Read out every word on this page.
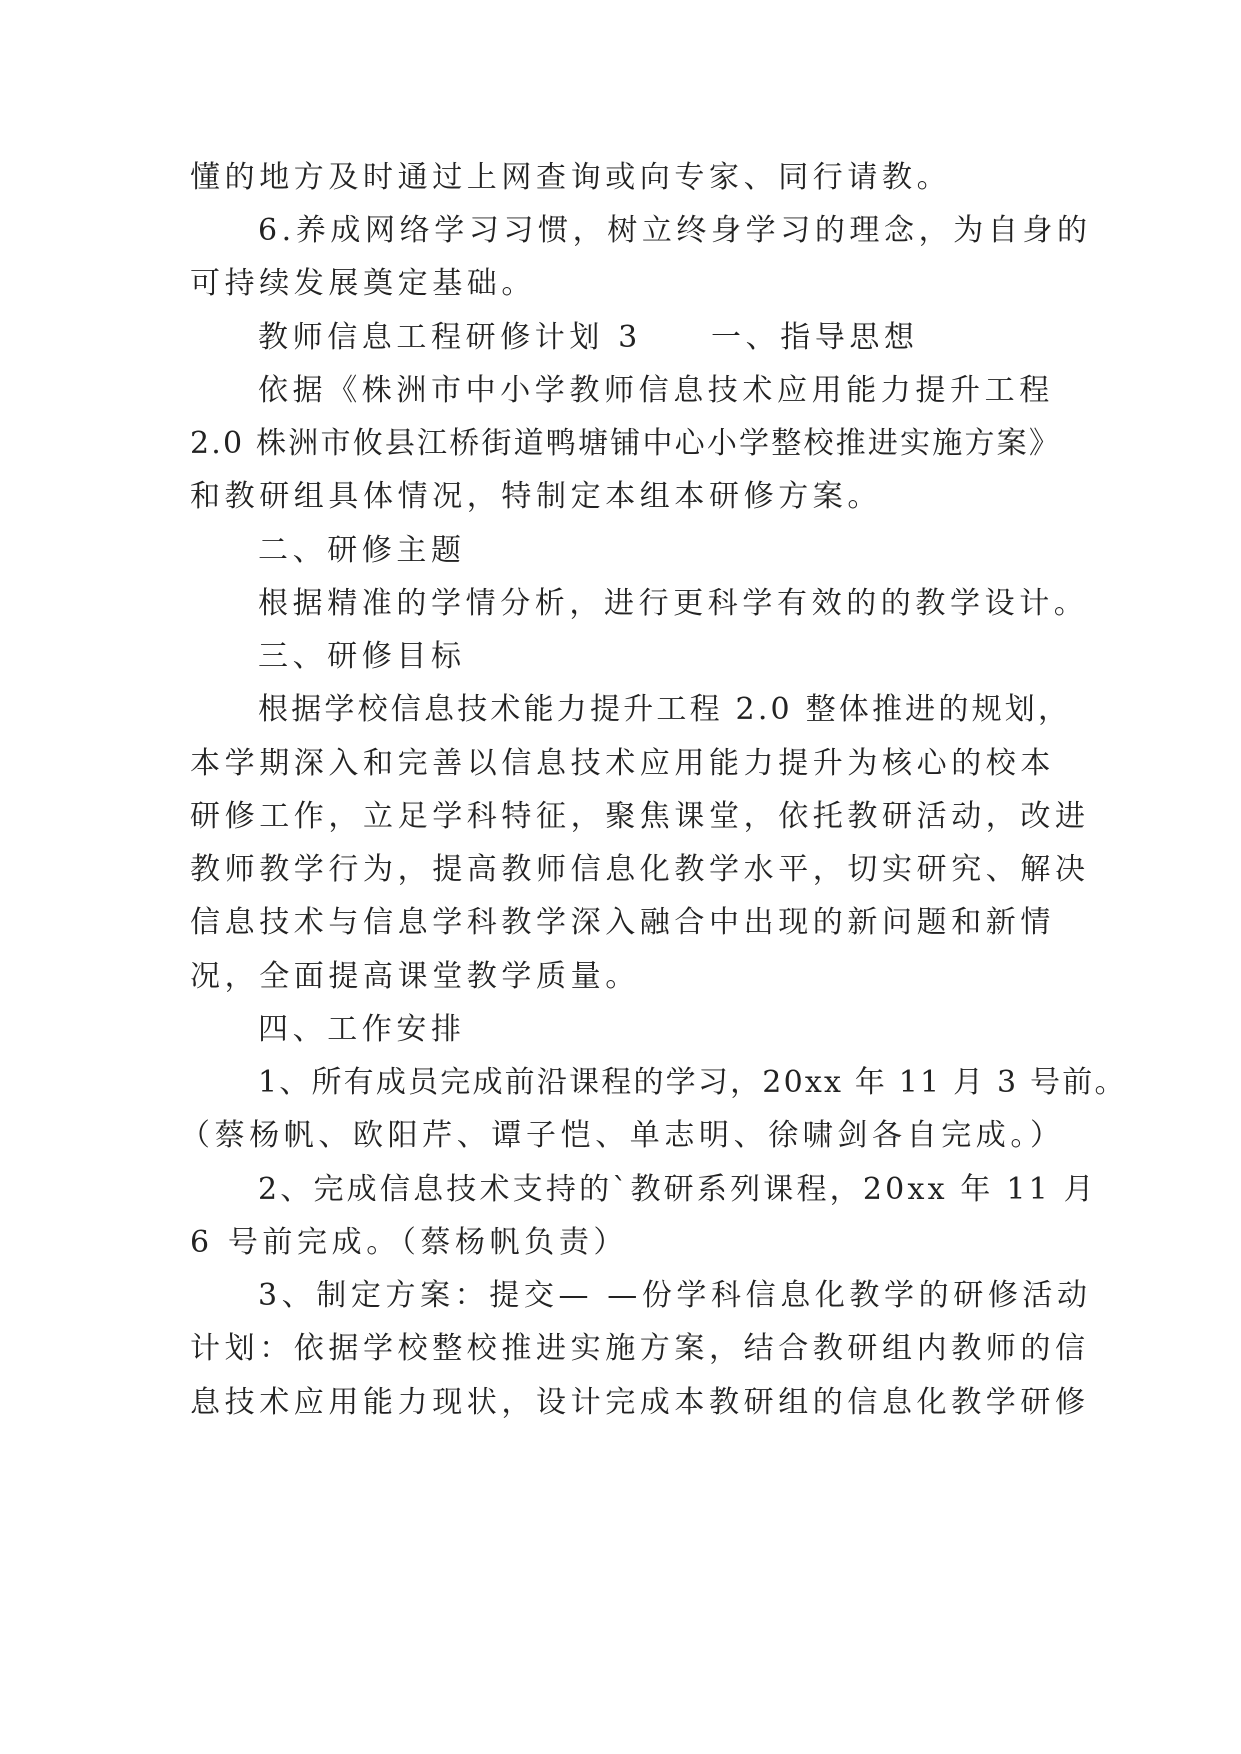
懂的地方及时通过上网查询或向专家、同行请教。
6.养成网络学习习惯，树立终身学习的理念，为自身的
可持续发展奠定基础。
教师信息工程研修计划 3　　一、指导思想
依据《株洲市中小学教师信息技术应用能力提升工程
2.0 株洲市攸县江桥街道鸭塘铺中心小学整校推进实施方案》
和教研组具体情况，特制定本组本研修方案。
二、研修主题
根据精准的学情分析，进行更科学有效的的教学设计。
三、研修目标
根据学校信息技术能力提升工程 2.0 整体推进的规划，
本学期深入和完善以信息技术应用能力提升为核心的校本
研修工作，立足学科特征，聚焦课堂，依托教研活动，改进
教师教学行为，提高教师信息化教学水平，切实研究、解决
信息技术与信息学科教学深入融合中出现的新问题和新情
况，全面提高课堂教学质量。
四、工作安排
1、所有成员完成前沿课程的学习，20xx 年 11 月 3 号前。
（蔡杨帆、欧阳芹、谭子恺、单志明、徐啸剑各自完成。）
2、完成信息技术支持的`教研系列课程，20xx 年 11 月
6 号前完成。（蔡杨帆负责）
3、制定方案：提交— —份学科信息化教学的研修活动
计划：依据学校整校推进实施方案，结合教研组内教师的信
息技术应用能力现状，设计完成本教研组的信息化教学研修
